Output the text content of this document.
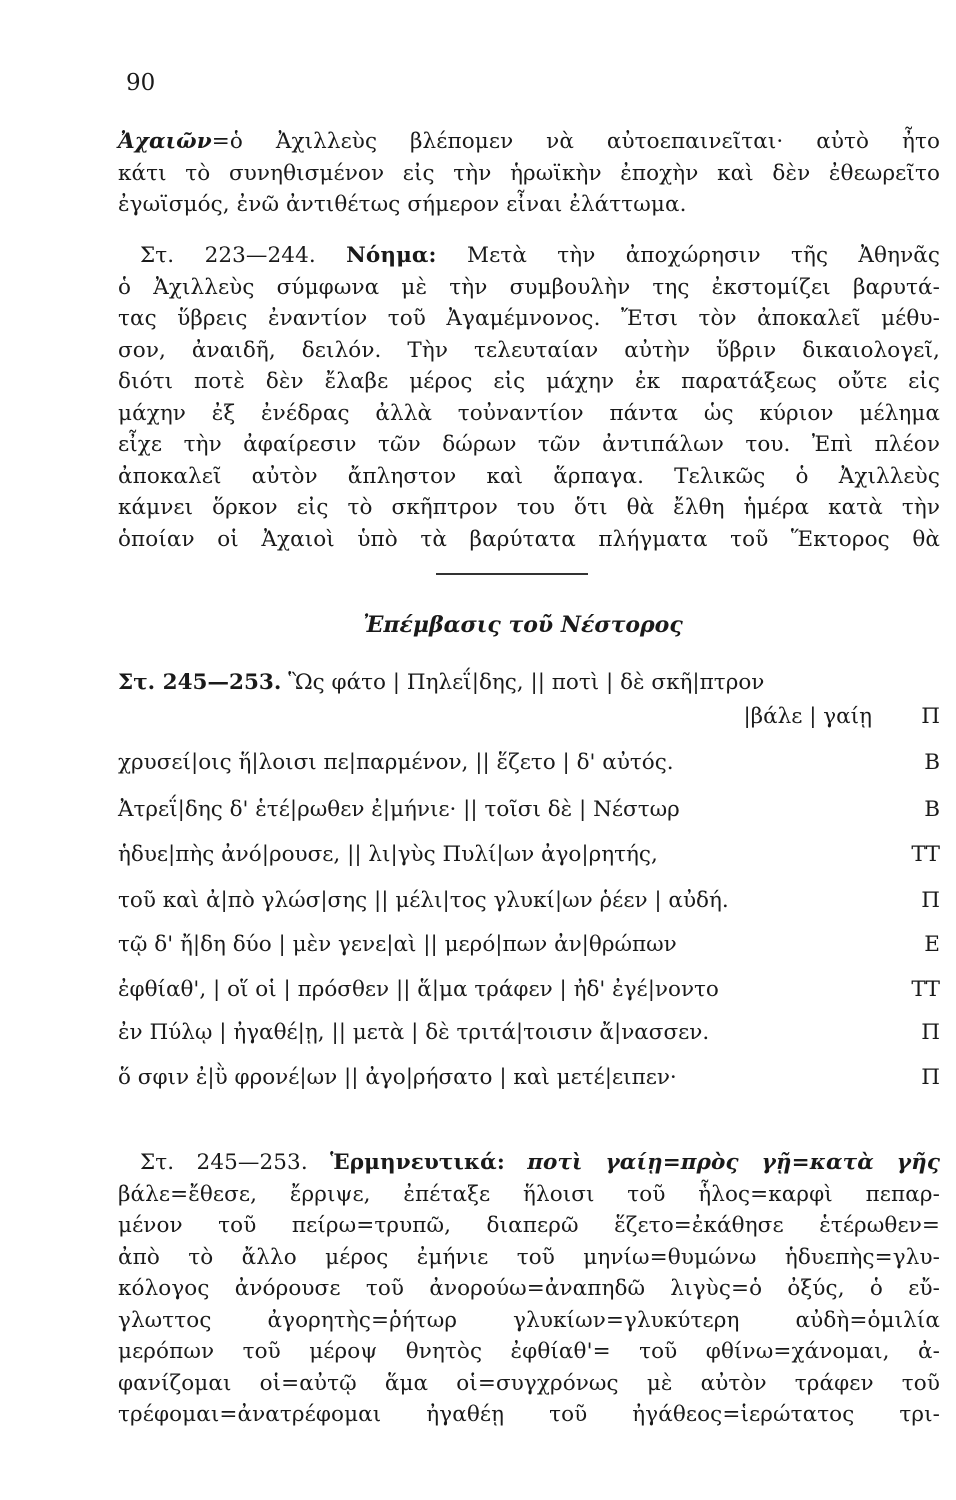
90
Ἀχαιῶν=ὁ Ἀχιλλεὺς βλέπομεν νὰ αὐτοεπαινεῖται· αὐτὸ ἦτο
κάτι τὸ συνηθισμένον εἰς τὴν ἡρωϊκὴν ἐποχὴν καὶ δὲν ἐθεωρεῖτο
ἐγωϊσμός, ἐνῶ ἀντιθέτως σήμερον εἶναι ἐλάττωμα.
Στ. 223—244. Νόημα: Μετὰ τὴν ἀποχώρησιν τῆς Ἀθηνᾶς
ὁ Ἀχιλλεὺς σύμφωνα μὲ τὴν συμβουλὴν της ἐκστομίζει βαρυτά-
τας ὕβρεις ἐναντίον τοῦ Ἀγαμέμνονος. Ἔτσι τὸν ἀποκαλεῖ μέθυ-
σον, ἀναιδῆ, δειλόν. Τὴν τελευταίαν αὐτὴν ὕβριν δικαιολογεῖ,
διότι ποτὲ δὲν ἔλαβε μέρος εἰς μάχην ἐκ παρατάξεως οὔτε εἰς
μάχην ἐξ ἐνέδρας ἀλλὰ τοὐναντίον πάντα ὡς κύριον μέλημα
εἶχε τὴν ἀφαίρεσιν τῶν δώρων τῶν ἀντιπάλων του. Ἐπὶ πλέον
ἀποκαλεῖ αὐτὸν ἄπληστον καὶ ἅρπαγα. Τελικῶς ὁ Ἀχιλλεὺς
κάμνει ὅρκον εἰς τὸ σκῆπτρον του ὅτι θὰ ἔλθη ἡμέρα κατὰ τὴν
ὁποίαν οἱ Ἀχαιοὶ ὑπὸ τὰ βαρύτατα πλήγματα τοῦ Ἕκτορος θὰ
Ἐπέμβασις τοῦ Νέστορος
Στ. 245—253. Ὣς φάτο | Πηλεΐ|δης, || ποτὶ | δὲ σκῆ|πτρον
|βάλε | γαίῃ Π
χρυσεί|οις ἥ|λοισι πε|παρμένον, || ἕζετο | δ' αὐτός.	Β
Ἀτρεΐ|δης δ' ἑτέ|ρωθεν ἐ|μήνιε· || τοῖσι δὲ | Νέστωρ	Β
ἡδυε|πὴς ἀνό|ρουσε, || λι|γὺς Πυλί|ων ἀγο|ρητής,	ΤΤ
τοῦ καὶ ἀ|πὸ γλώσ|σης || μέλι|τος γλυκί|ων ῥέεν | αὐδή.	Π
τῷ δ' ἤ|δη δύο | μὲν γενε|αὶ || μερό|πων ἀν|θρώπων	Ε
ἐφθίαθ', | οἵ οἱ | πρόσθεν || ἅ|μα τράφεν | ἠδ' ἐγέ|νοντο	ΤΤ
ἐν Πύλῳ | ἠγαθέ|ῃ, || μετὰ | δὲ τριτά|τοισιν ἄ|νασσεν.	Π
ὅ σφιν ἐ|ῢ φρονέ|ων || ἀγο|ρήσατο | καὶ μετέ|ειπεν·	Π
Στ. 245—253. Ἑρμηνευτικά: ποτὶ γαίῃ=πρὸς γῇ=κατὰ γῆς
βάλε=ἔθεσε, ἔρριψε, ἐπέταξε ἥλοισι τοῦ ἧλος=καρφὶ πεπαρ-
μένον τοῦ πείρω=τρυπῶ, διαπερῶ ἕζετο=ἐκάθησε ἑτέρωθεν=
ἀπὸ τὸ ἄλλο μέρος ἐμήνιε τοῦ μηνίω=θυμώνω ἡδυεπὴς=γλυ-
κόλογος ἀνόρουσε τοῦ ἀνορούω=ἀναπηδῶ λιγὺς=ὁ ὀξύς, ὁ εὔ-
γλωττος ἀγορητὴς=ῥήτωρ γλυκίων=γλυκύτερη αὐδὴ=ὁμιλία
μερόπων τοῦ μέροψ θνητὸς ἐφθίαθ'= τοῦ φθίνω=χάνομαι, ἀ-
φανίζομαι οἱ=αὐτῷ ἅμα οἱ=συγχρόνως μὲ αὐτὸν τράφεν τοῦ
τρέφομαι=ἀνατρέφομαι ἠγαθέῃ τοῦ ἠγάθεος=ἱερώτατος τρι-
